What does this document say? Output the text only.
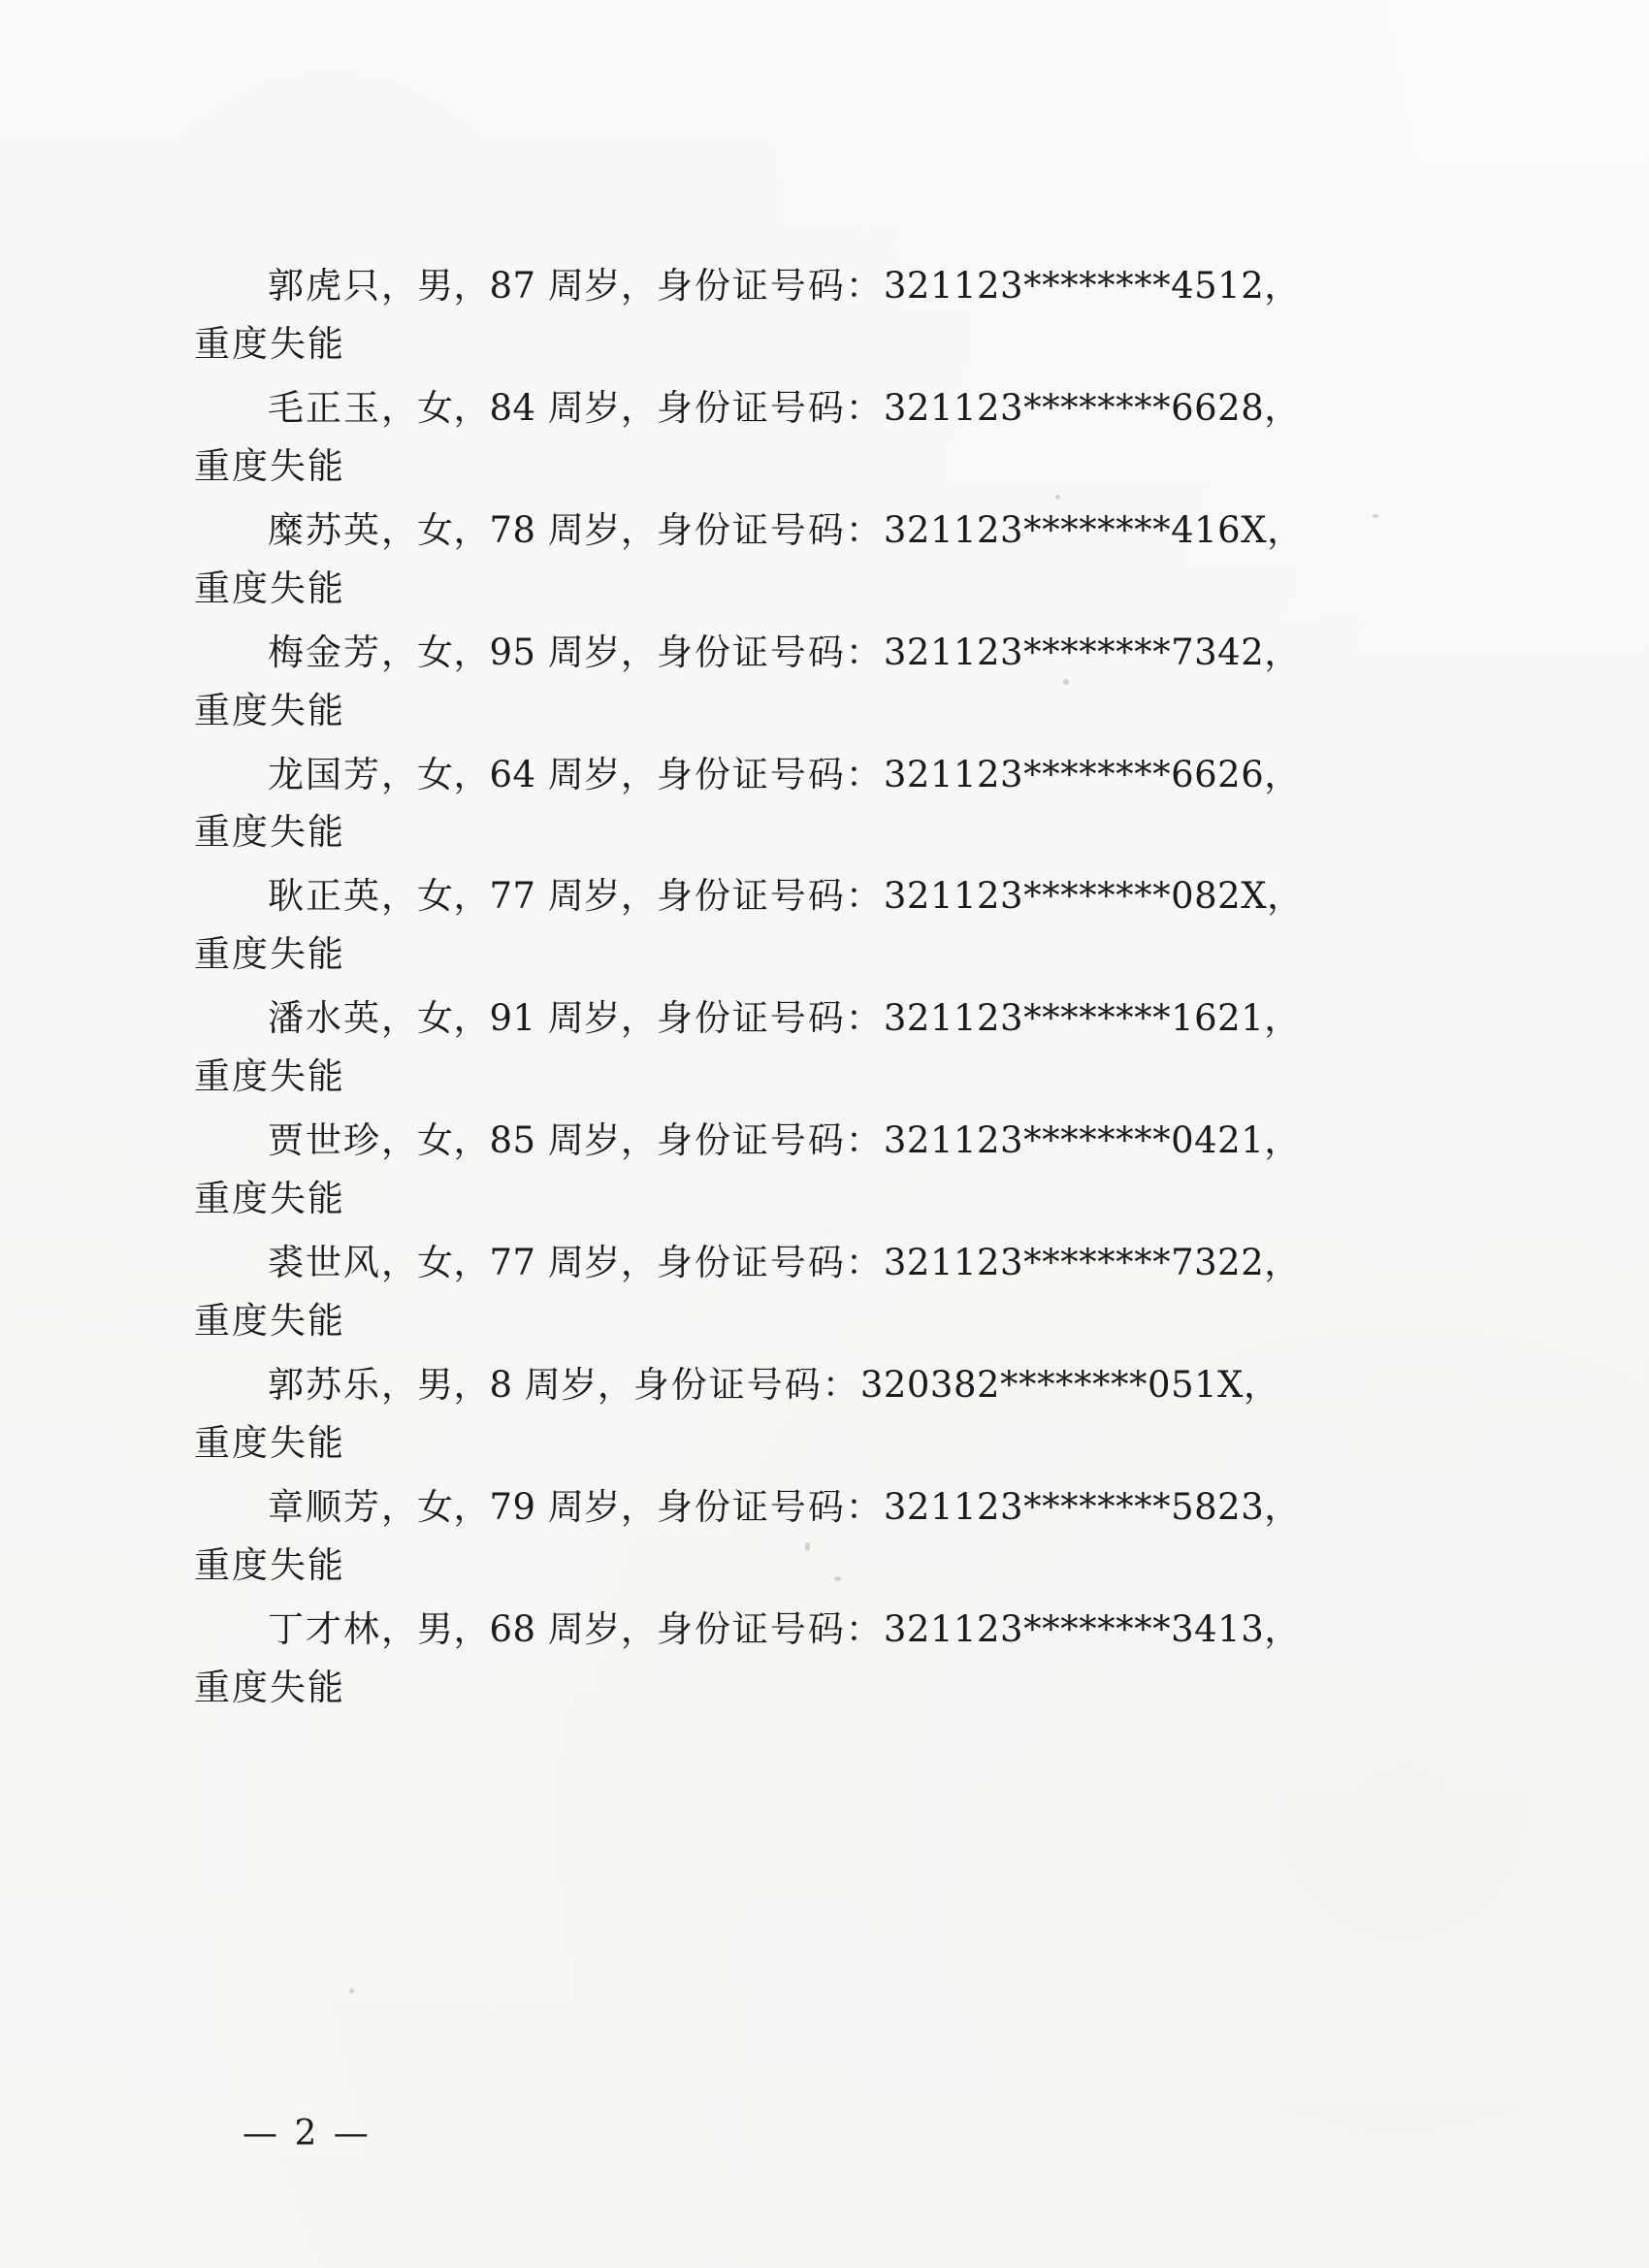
郭虎只，男，87 周岁，身份证号码：321123********4512，
重度失能
毛正玉，女，84 周岁，身份证号码：321123********6628，
重度失能
糜苏英，女，78 周岁，身份证号码：321123********416X，
重度失能
梅金芳，女，95 周岁，身份证号码：321123********7342，
重度失能
龙国芳，女，64 周岁，身份证号码：321123********6626，
重度失能
耿正英，女，77 周岁，身份证号码：321123********082X，
重度失能
潘水英，女，91 周岁，身份证号码：321123********1621，
重度失能
贾世珍，女，85 周岁，身份证号码：321123********0421，
重度失能
裘世风，女，77 周岁，身份证号码：321123********7322，
重度失能
郭苏乐，男，8 周岁，身份证号码：320382********051X，
重度失能
章顺芳，女，79 周岁，身份证号码：321123********5823，
重度失能
丁才林，男，68 周岁，身份证号码：321123********3413，
重度失能
— 2 —
